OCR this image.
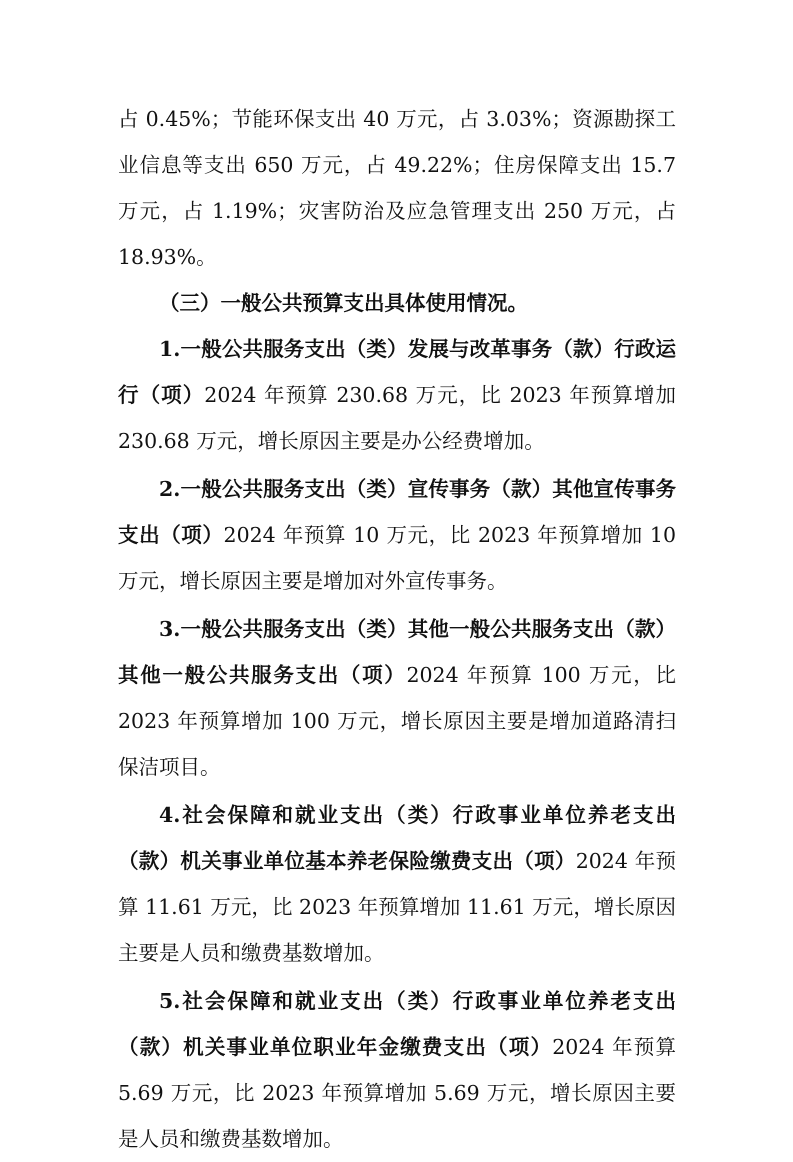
占 0.45%；节能环保支出 40 万元，占 3.03%；资源勘探工业信息等支出 650 万元，占 49.22%；住房保障支出 15.7 万元，占 1.19%；灾害防治及应急管理支出 250 万元，占 18.93%。

（三）一般公共预算支出具体使用情况。

1.一般公共服务支出（类）发展与改革事务（款）行政运行（项）2024 年预算 230.68 万元，比 2023 年预算增加 230.68 万元，增长原因主要是办公经费增加。

2.一般公共服务支出（类）宣传事务（款）其他宣传事务支出（项）2024 年预算 10 万元，比 2023 年预算增加 10 万元，增长原因主要是增加对外宣传事务。

3.一般公共服务支出（类）其他一般公共服务支出（款）其他一般公共服务支出（项）2024 年预算 100 万元，比 2023 年预算增加 100 万元，增长原因主要是增加道路清扫保洁项目。

4.社会保障和就业支出（类）行政事业单位养老支出（款）机关事业单位基本养老保险缴费支出（项）2024 年预算 11.61 万元，比 2023 年预算增加 11.61 万元，增长原因主要是人员和缴费基数增加。

5.社会保障和就业支出（类）行政事业单位养老支出（款）机关事业单位职业年金缴费支出（项）2024 年预算 5.69 万元，比 2023 年预算增加 5.69 万元，增长原因主要是人员和缴费基数增加。
